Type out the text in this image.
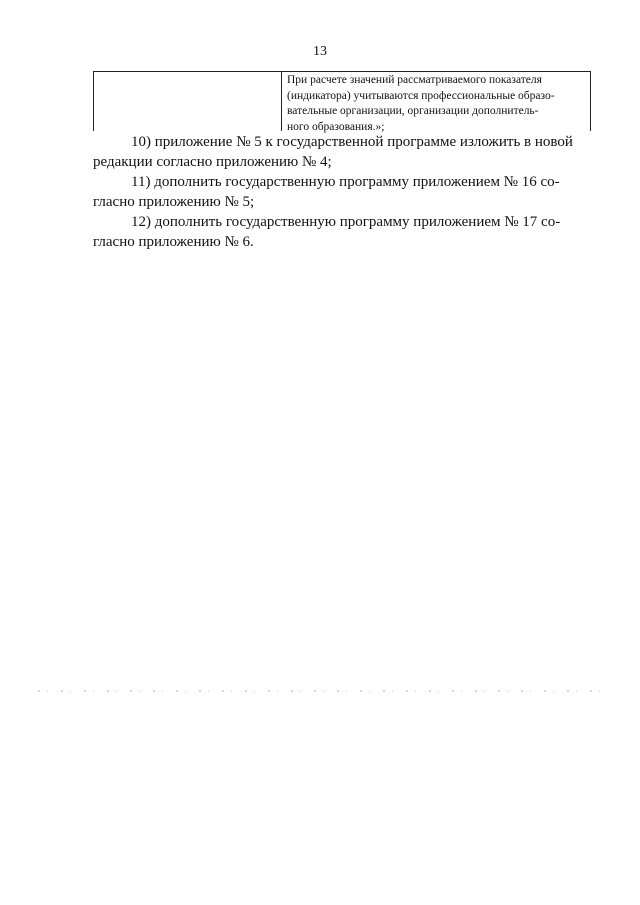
13
При расчете значений рассматриваемого показателя
(индикатора) учитываются профессиональные образо-
вательные организации, организации дополнитель-
ного образования.»;

10) приложение № 5 к государственной программе изложить в новой
редакции согласно приложению № 4;

11) дополнить государственную программу приложением № 16 со-
гласно приложению № 5;

12) дополнить государственную программу приложением № 17 со-
гласно приложению № 6.
